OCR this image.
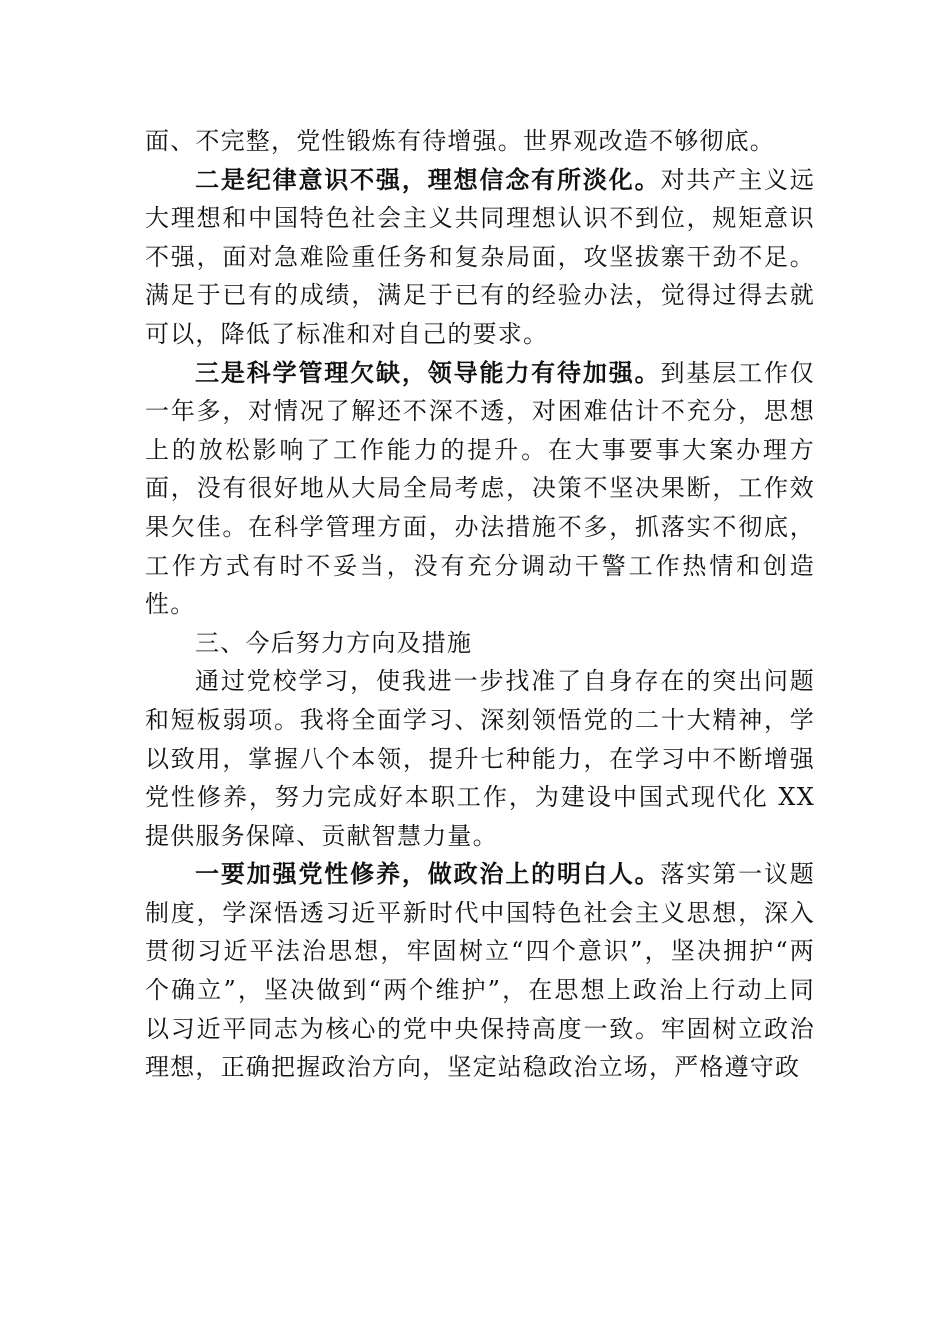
面、不完整，党性锻炼有待增强。世界观改造不够彻底。

二是纪律意识不强，理想信念有所淡化。对共产主义远大理想和中国特色社会主义共同理想认识不到位，规矩意识不强，面对急难险重任务和复杂局面，攻坚拔寨干劲不足。 满足于已有的成绩，满足于已有的经验办法，觉得过得去就可以，降低了标准和对自己的要求。

三是科学管理欠缺，领导能力有待加强。到基层工作仅一年多，对情况了解还不深不透，对困难估计不充分，思想 上的放松影响了工作能力的提升。在大事要事大案办理方面，没有很好地从大局全局考虑，决策不坚决果断，工作效果欠佳。在科学管理方面，办法措施不多，抓落实不彻底，工作方式有时不妥当，没有充分调动干警工作热情和创造性。

三、今后努力方向及措施

通过党校学习，使我进一步找准了自身存在的突出问题和短板弱项。我将全面学习、深刻领悟党的二十大精神，学以致用，掌握八个本领，提升七种能力，在学习中不断增强 党性修养，努力完成好本职工作，为建设中国式现代化 XX 提供服务保障、贡献智慧力量。

一要加强党性修养，做政治上的明白人。落实第一议题制度，学深悟透习近平新时代中国特色社会主义思想，深入贯彻习近平法治思想，牢固树立“四个意识”，坚决拥护“两个确立”，坚决做到“两个维护”，在思想上政治上行动上同以习近平同志为核心的党中央保持高度一致。牢固树立政治理想，正确把握政治方向，坚定站稳政治立场，严格遵守政
